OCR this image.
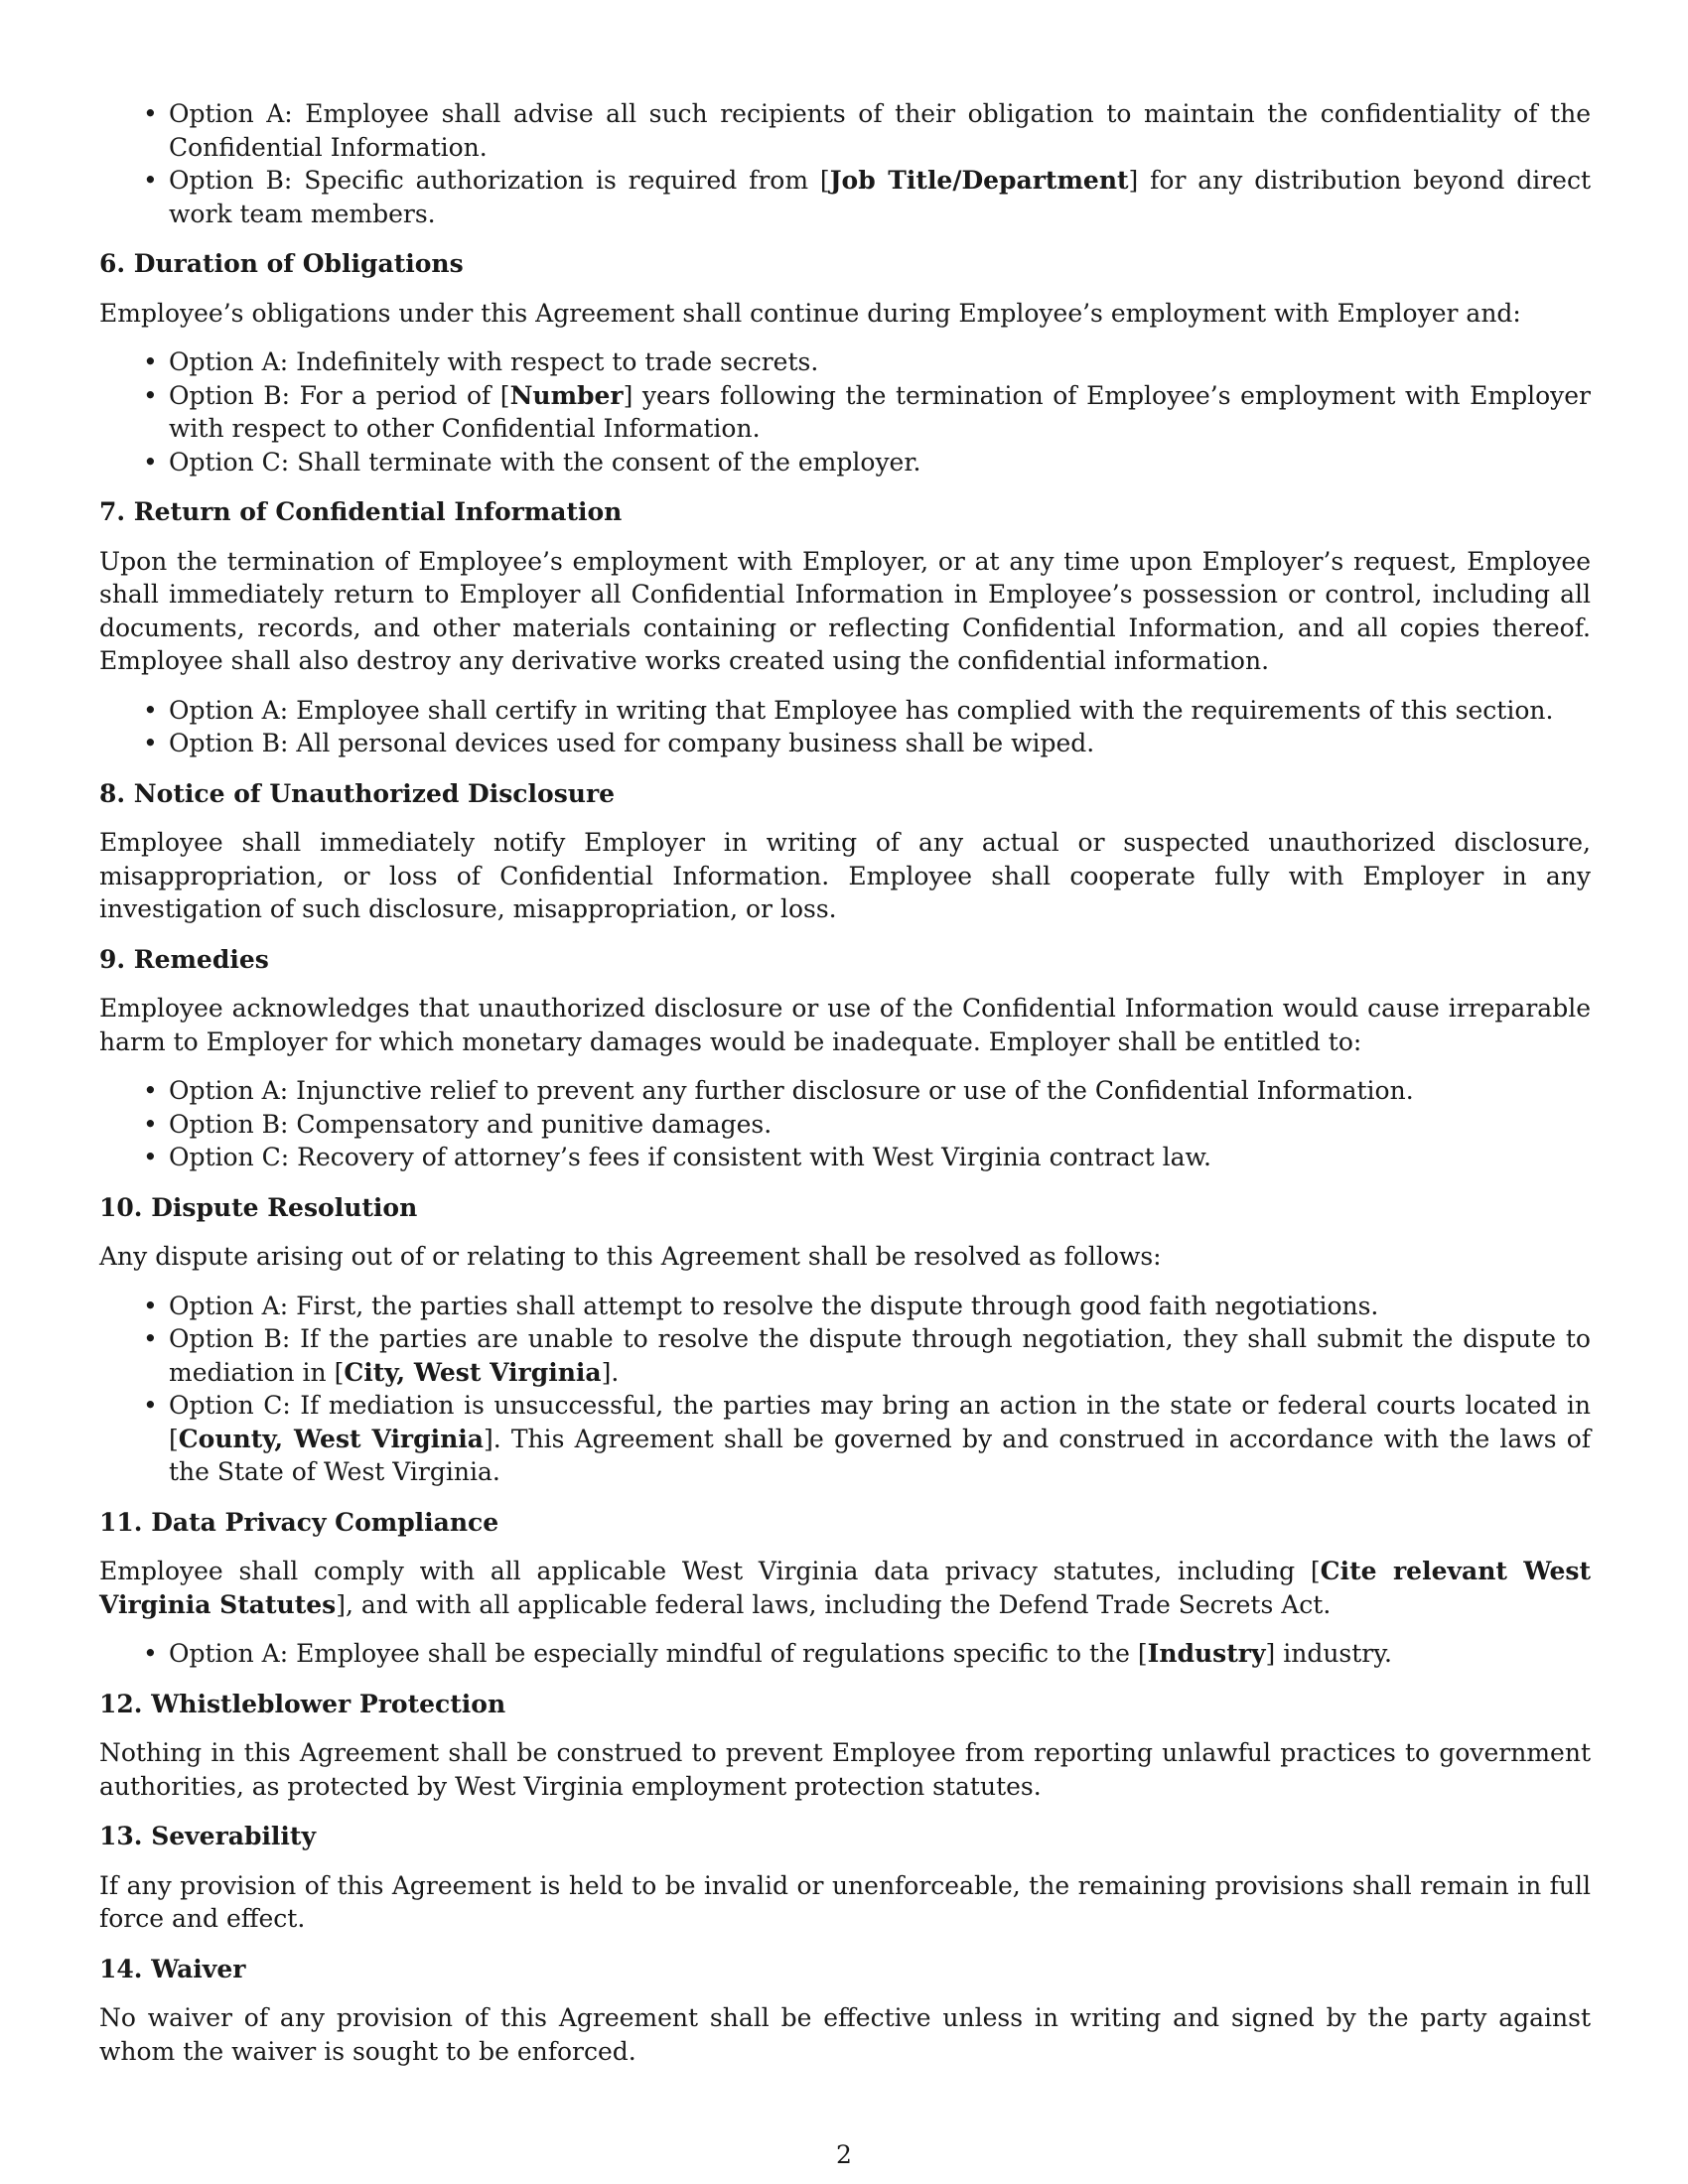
• Option A: Employee shall advise all such recipients of their obligation to maintain the confidentiality of the Confidential Information.
• Option B: Specific authorization is required from [Job Title/Department] for any distribution beyond direct work team members.
6. Duration of Obligations

Employee’s obligations under this Agreement shall continue during Employee’s employment with Employer and:

• Option A: Indefinitely with respect to trade secrets.
• Option B: For a period of [Number] years following the termination of Employee’s employment with Employer with respect to other Confidential Information.
• Option C: Shall terminate with the consent of the employer.
7. Return of Confidential Information

Upon the termination of Employee’s employment with Employer, or at any time upon Employer’s request, Employee shall immediately return to Employer all Confidential Information in Employee’s possession or control, including all documents, records, and other materials containing or reflecting Confidential Information, and all copies thereof. Employee shall also destroy any derivative works created using the confidential information.

• Option A: Employee shall certify in writing that Employee has complied with the requirements of this section.
• Option B: All personal devices used for company business shall be wiped.
8. Notice of Unauthorized Disclosure

Employee shall immediately notify Employer in writing of any actual or suspected unauthorized disclosure, misappropriation, or loss of Confidential Information. Employee shall cooperate fully with Employer in any investigation of such disclosure, misappropriation, or loss.

9. Remedies

Employee acknowledges that unauthorized disclosure or use of the Confidential Information would cause irreparable harm to Employer for which monetary damages would be inadequate. Employer shall be entitled to:

• Option A: Injunctive relief to prevent any further disclosure or use of the Confidential Information.
• Option B: Compensatory and punitive damages.
• Option C: Recovery of attorney’s fees if consistent with West Virginia contract law.
10. Dispute Resolution

Any dispute arising out of or relating to this Agreement shall be resolved as follows:

• Option A: First, the parties shall attempt to resolve the dispute through good faith negotiations.
• Option B: If the parties are unable to resolve the dispute through negotiation, they shall submit the dispute to mediation in [City, West Virginia].
• Option C: If mediation is unsuccessful, the parties may bring an action in the state or federal courts located in [County, West Virginia]. This Agreement shall be governed by and construed in accordance with the laws of the State of West Virginia.
11. Data Privacy Compliance

Employee shall comply with all applicable West Virginia data privacy statutes, including [Cite relevant West Virginia Statutes], and with all applicable federal laws, including the Defend Trade Secrets Act.

• Option A: Employee shall be especially mindful of regulations specific to the [Industry] industry.
12. Whistleblower Protection

Nothing in this Agreement shall be construed to prevent Employee from reporting unlawful practices to government authorities, as protected by West Virginia employment protection statutes.

13. Severability

If any provision of this Agreement is held to be invalid or unenforceable, the remaining provisions shall remain in full force and effect.

14. Waiver

No waiver of any provision of this Agreement shall be effective unless in writing and signed by the party against whom the waiver is sought to be enforced.

2
